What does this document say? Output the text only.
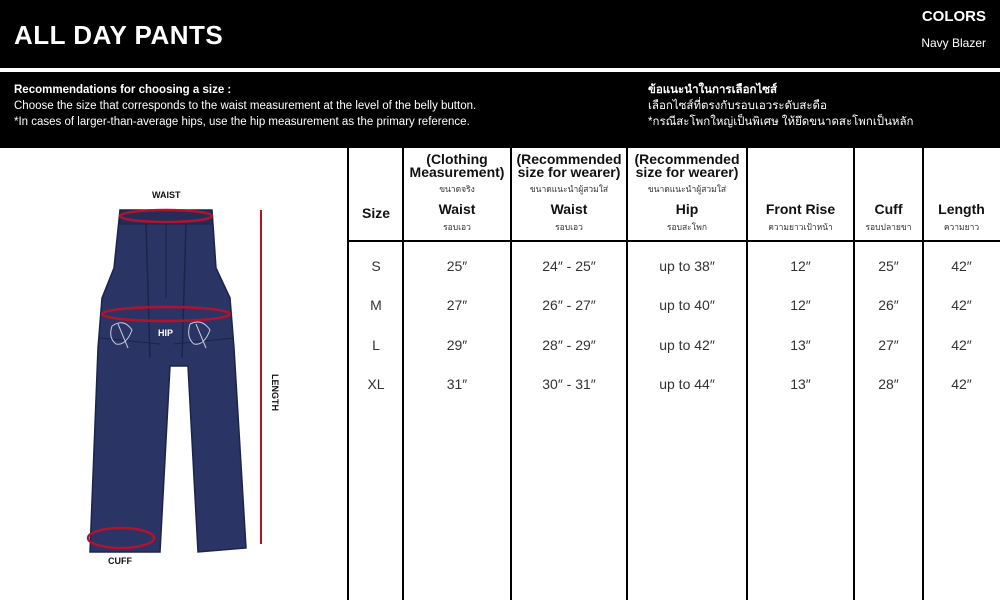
ALL DAY PANTS
COLORS
Navy Blazer
Recommendations for choosing a size :
Choose the size that corresponds to the waist measurement at the level of the belly button.
*In cases of larger-than-average hips, use the hip measurement as the primary reference.
ข้อแนะนำในการเลือกไซส์
เลือกไซส์ที่ตรงกับรอบเอวระดับสะดือ
*กรณีสะโพกใหญ่เป็นพิเศษ ให้ยึดขนาดสะโพกเป็นหลัก
WAIST
HIP
LENGTH
CUFF
Size
S
M
L
XL
(Clothing Measurement)
ขนาดจริง
Waist
รอบเอว
25″
27″
29″
31″
(Recommended size for wearer)
ขนาดแนะนำผู้สวมใส่
Waist
รอบเอว
24″ - 25″
26″ - 27″
28″ - 29″
30″ - 31″
(Recommended size for wearer)
ขนาดแนะนำผู้สวมใส่
Hip
รอบสะโพก
up to 38″
up to 40″
up to 42″
up to 44″
Front Rise
ความยาวเป้าหน้า
12″
12″
13″
13″
Cuff
รอบปลายขา
25″
26″
27″
28″
Length
ความยาว
42″
42″
42″
42″
